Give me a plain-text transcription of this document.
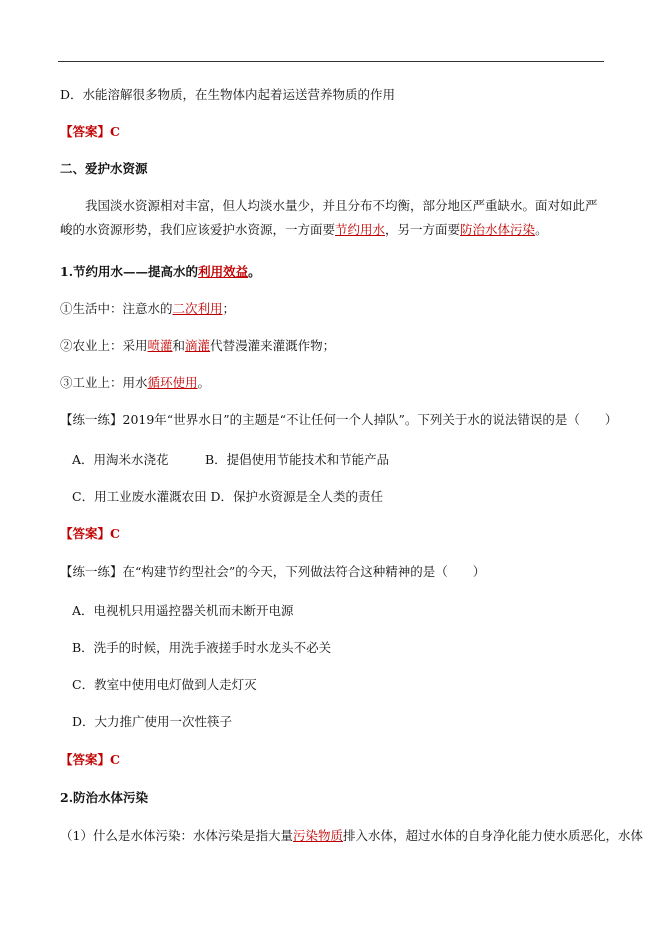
D．水能溶解很多物质，在生物体内起着运送营养物质的作用
【答案】C
二、爱护水资源
我国淡水资源相对丰富，但人均淡水量少，并且分布不均衡，部分地区严重缺水。面对如此严峻的水资源形势，我们应该爱护水资源，一方面要节约用水，另一方面要防治水体污染。
1.节约用水——提高水的利用效益。
①生活中：注意水的二次利用；
②农业上：采用喷灌和滴灌代替漫灌来灌溉作物；
③工业上：用水循环使用。
【练一练】2019年“世界水日”的主题是“不让任何一个人掉队”。下列关于水的说法错误的是（　　）
A．用淘米水浇花	B．提倡使用节能技术和节能产品
C．用工业废水灌溉农田 D．保护水资源是全人类的责任
【答案】C
【练一练】在“构建节约型社会”的今天，下列做法符合这种精神的是（　　）
A．电视机只用遥控器关机而未断开电源
B．洗手的时候，用洗手液搓手时水龙头不必关
C．教室中使用电灯做到人走灯灭
D．大力推广使用一次性筷子
【答案】C
2.防治水体污染
（1）什么是水体污染：水体污染是指大量污染物质排入水体，超过水体的自身净化能力使水质恶化，水体
